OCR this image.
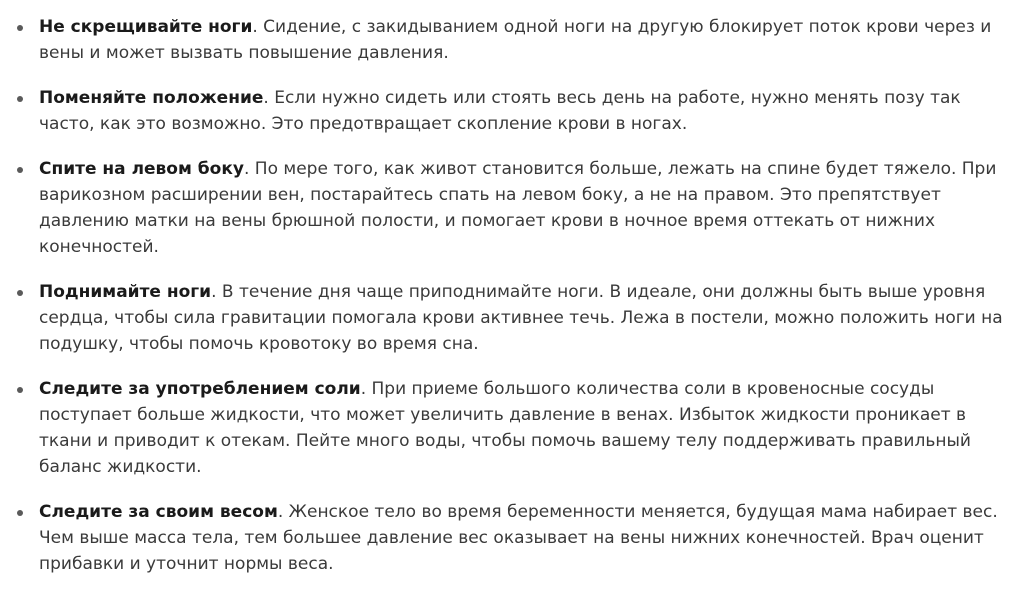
Не скрещивайте ноги. Сидение, с закидыванием одной ноги на другую блокирует поток крови через и вены и может вызвать повышение давления.
Поменяйте положение. Если нужно сидеть или стоять весь день на работе, нужно менять позу так часто, как это возможно. Это предотвращает скопление крови в ногах.
Спите на левом боку. По мере того, как живот становится больше, лежать на спине будет тяжело. При варикозном расширении вен, постарайтесь спать на левом боку, а не на правом. Это препятствует давлению матки на вены брюшной полости, и помогает крови в ночное время оттекать от нижних конечностей.
Поднимайте ноги. В течение дня чаще приподнимайте ноги. В идеале, они должны быть выше уровня сердца, чтобы сила гравитации помогала крови активнее течь. Лежа в постели, можно положить ноги на подушку, чтобы помочь кровотоку во время сна.
Следите за употреблением соли. При приеме большого количества соли в кровеносные сосуды поступает больше жидкости, что может увеличить давление в венах. Избыток жидкости проникает в ткани и приводит к отекам. Пейте много воды, чтобы помочь вашему телу поддерживать правильный баланс жидкости.
Следите за своим весом. Женское тело во время беременности меняется, будущая мама набирает вес. Чем выше масса тела, тем большее давление вес оказывает на вены нижних конечностей. Врач оценит прибавки и уточнит нормы веса.
